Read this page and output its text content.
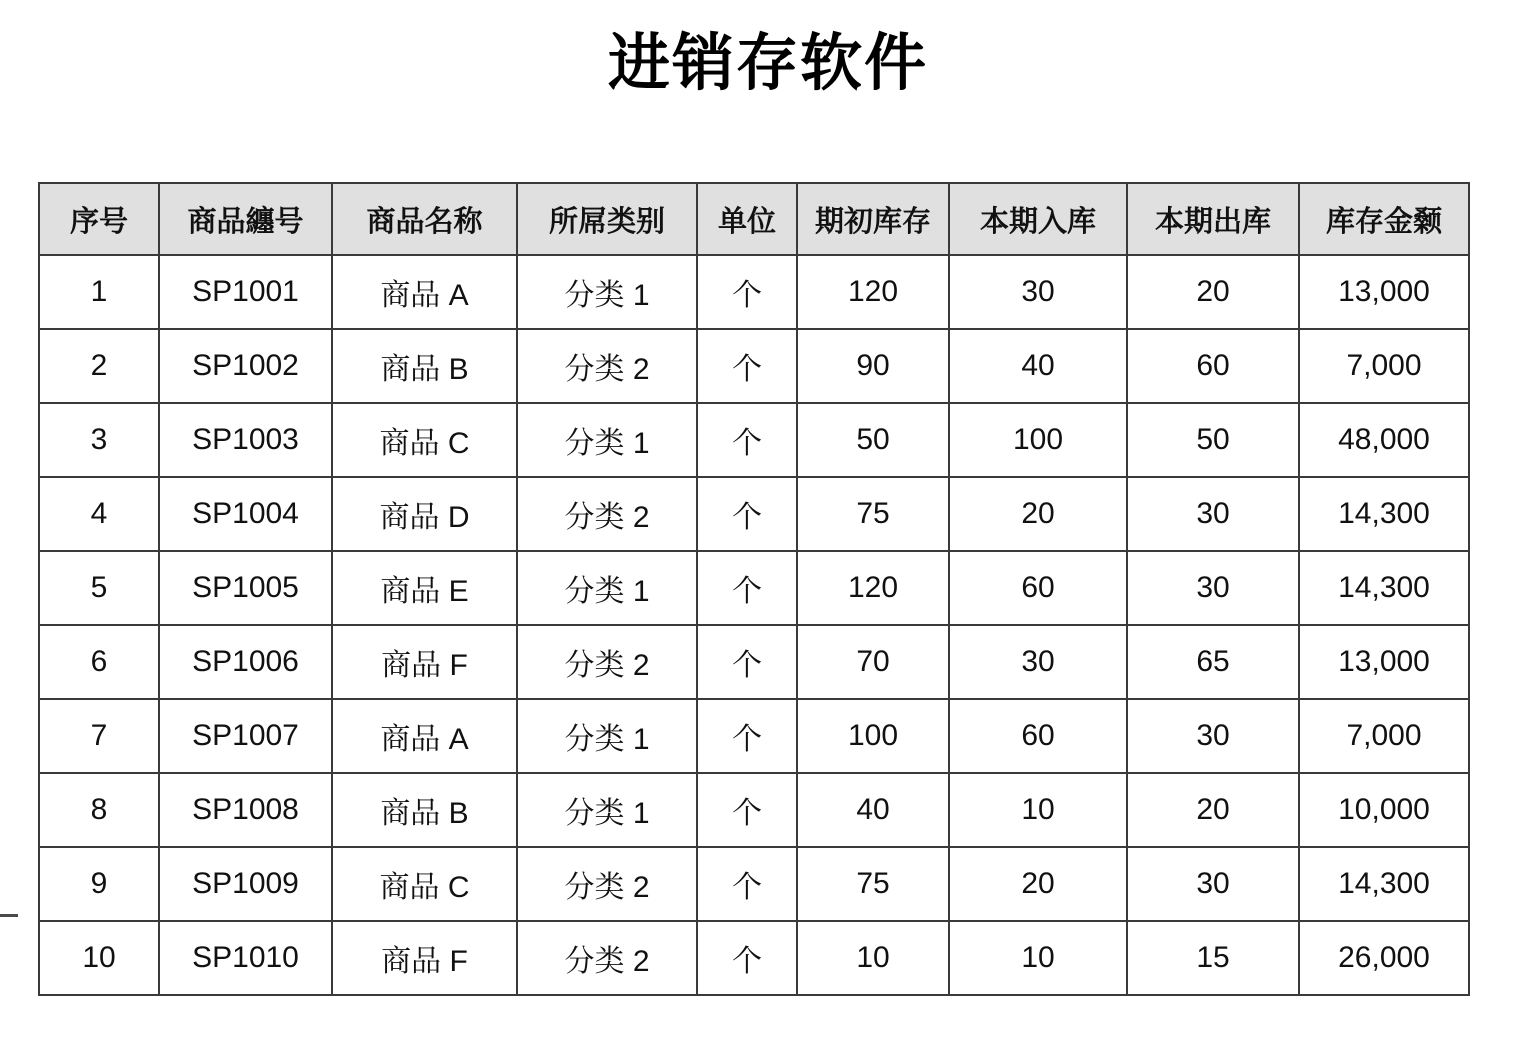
进销存软件
序号	商品纏号	商品名称	所屌类别	单位	期初库存	本期入库	本期出库	库存金颡
1	SP1001	商品 A	分类 1	个	120	30	20	13,000
2	SP1002	商品 B	分类 2	个	90	40	60	7,000
3	SP1003	商品 C	分类 1	个	50	100	50	48,000
4	SP1004	商品 D	分类 2	个	75	20	30	14,300
5	SP1005	商品 E	分类 1	个	120	60	30	14,300
6	SP1006	商品 F	分类 2	个	70	30	65	13,000
7	SP1007	商品 A	分类 1	个	100	60	30	7,000
8	SP1008	商品 B	分类 1	个	40	10	20	10,000
9	SP1009	商品 C	分类 2	个	75	20	30	14,300
10	SP1010	商品 F	分类 2	个	10	10	15	26,000
